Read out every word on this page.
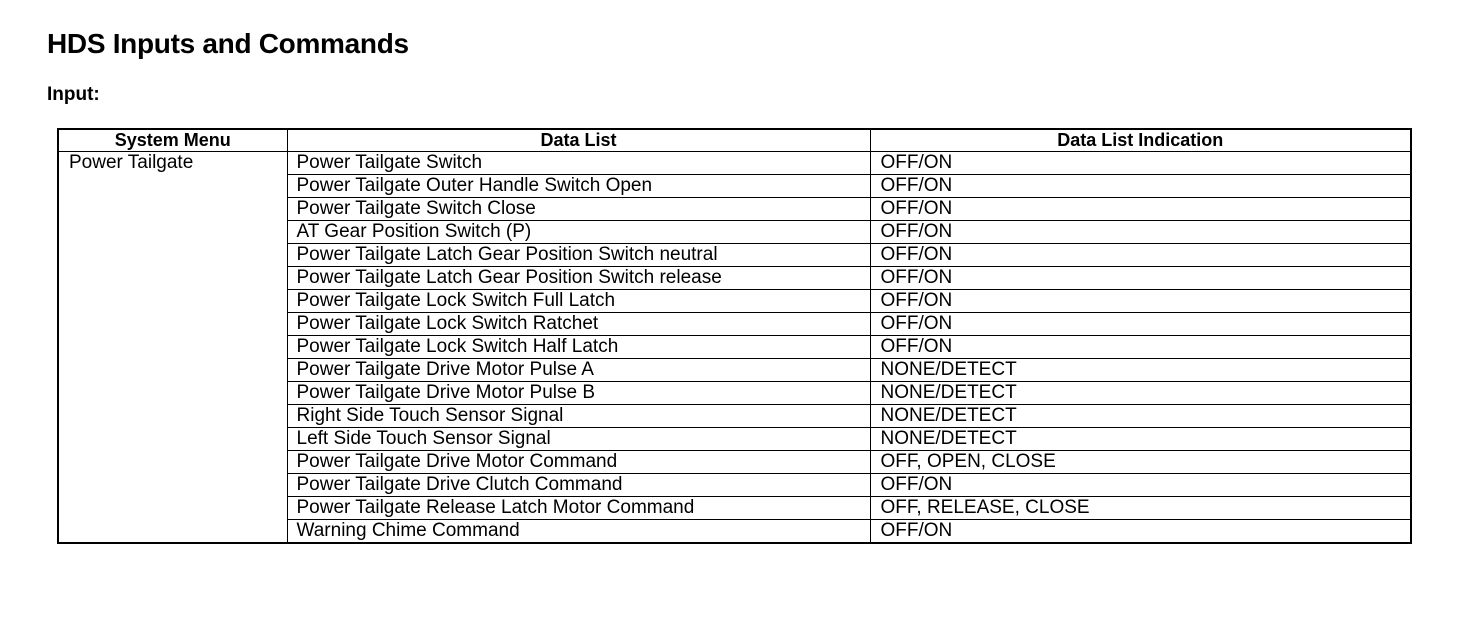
HDS Inputs and Commands
Input:
System Menu	Data List	Data List Indication
Power Tailgate	Power Tailgate Switch	OFF/ON
	Power Tailgate Outer Handle Switch Open	OFF/ON
	Power Tailgate Switch Close	OFF/ON
	AT Gear Position Switch (P)	OFF/ON
	Power Tailgate Latch Gear Position Switch neutral	OFF/ON
	Power Tailgate Latch Gear Position Switch release	OFF/ON
	Power Tailgate Lock Switch Full Latch	OFF/ON
	Power Tailgate Lock Switch Ratchet	OFF/ON
	Power Tailgate Lock Switch Half Latch	OFF/ON
	Power Tailgate Drive Motor Pulse A	NONE/DETECT
	Power Tailgate Drive Motor Pulse B	NONE/DETECT
	Right Side Touch Sensor Signal	NONE/DETECT
	Left Side Touch Sensor Signal	NONE/DETECT
	Power Tailgate Drive Motor Command	OFF, OPEN, CLOSE
	Power Tailgate Drive Clutch Command	OFF/ON
	Power Tailgate Release Latch Motor Command	OFF, RELEASE, CLOSE
	Warning Chime Command	OFF/ON
